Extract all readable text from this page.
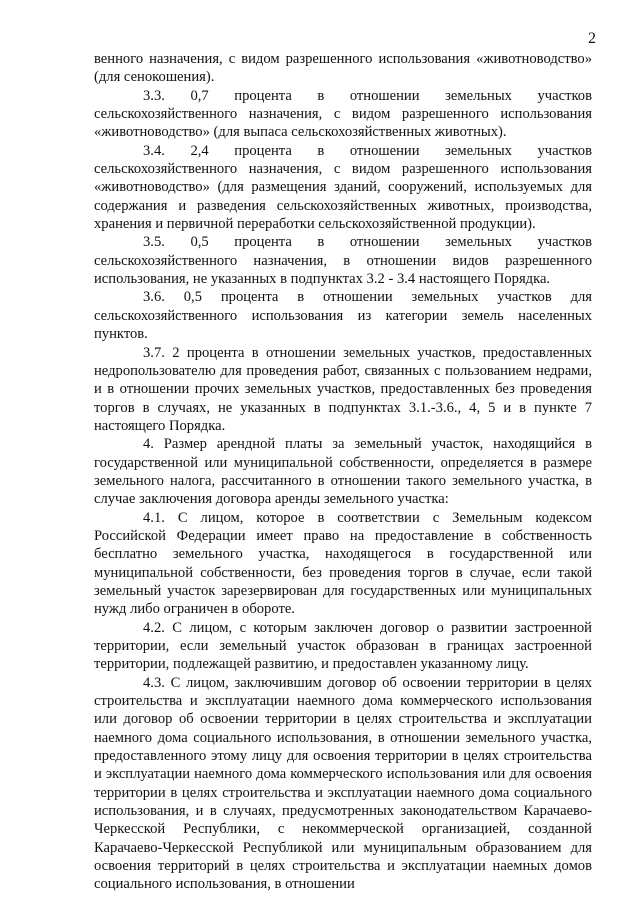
2

венного назначения, с видом разрешенного использования «животноводство» (для сенокошения).

3.3. 0,7 процента в отношении земельных участков сельскохозяйственного назначения, с видом разрешенного использования «животноводство» (для выпаса сельскохозяйственных животных).

3.4. 2,4 процента в отношении земельных участков сельскохозяйственного назначения, с видом разрешенного использования «животноводство» (для размещения зданий, сооружений, используемых для содержания и разведения сельскохозяйственных животных, производства, хранения и первичной переработки сельскохозяйственной продукции).

3.5. 0,5 процента в отношении земельных участков сельскохозяйственного назначения, в отношении видов разрешенного использования, не указанных в подпунктах 3.2 - 3.4 настоящего Порядка.

3.6. 0,5 процента в отношении земельных участков для сельскохозяйственного использования из категории земель населенных пунктов.

3.7. 2 процента в отношении земельных участков, предоставленных недропользователю для проведения работ, связанных с пользованием недрами, и в отношении прочих земельных участков, предоставленных без проведения торгов в случаях, не указанных в подпунктах 3.1.-3.6., 4, 5 и в пункте 7 настоящего Порядка.

4. Размер арендной платы за земельный участок, находящийся в государственной или муниципальной собственности, определяется в размере земельного налога, рассчитанного в отношении такого земельного участка, в случае заключения договора аренды земельного участка:

4.1. С лицом, которое в соответствии с Земельным кодексом Российской Федерации имеет право на предоставление в собственность бесплатно земельного участка, находящегося в государственной или муниципальной собственности, без проведения торгов в случае, если такой земельный участок зарезервирован для государственных или муниципальных нужд либо ограничен в обороте.

4.2. С лицом, с которым заключен договор о развитии застроенной территории, если земельный участок образован в границах застроенной территории, подлежащей развитию, и предоставлен указанному лицу.

4.3. С лицом, заключившим договор об освоении территории в целях строительства и эксплуатации наемного дома коммерческого использования или договор об освоении территории в целях строительства и эксплуатации наемного дома социального использования, в отношении земельного участка, предоставленного этому лицу для освоения территории в целях строительства и эксплуатации наемного дома коммерческого использования или для освоения территории в целях строительства и эксплуатации наемного дома социального использования, и в случаях, предусмотренных законодательством Карачаево-Черкесской Республики, с некоммерческой организацией, созданной Карачаево-Черкесской Республикой или муниципальным образованием для освоения территорий в целях строительства и эксплуатации наемных домов социального использования, в отношении
